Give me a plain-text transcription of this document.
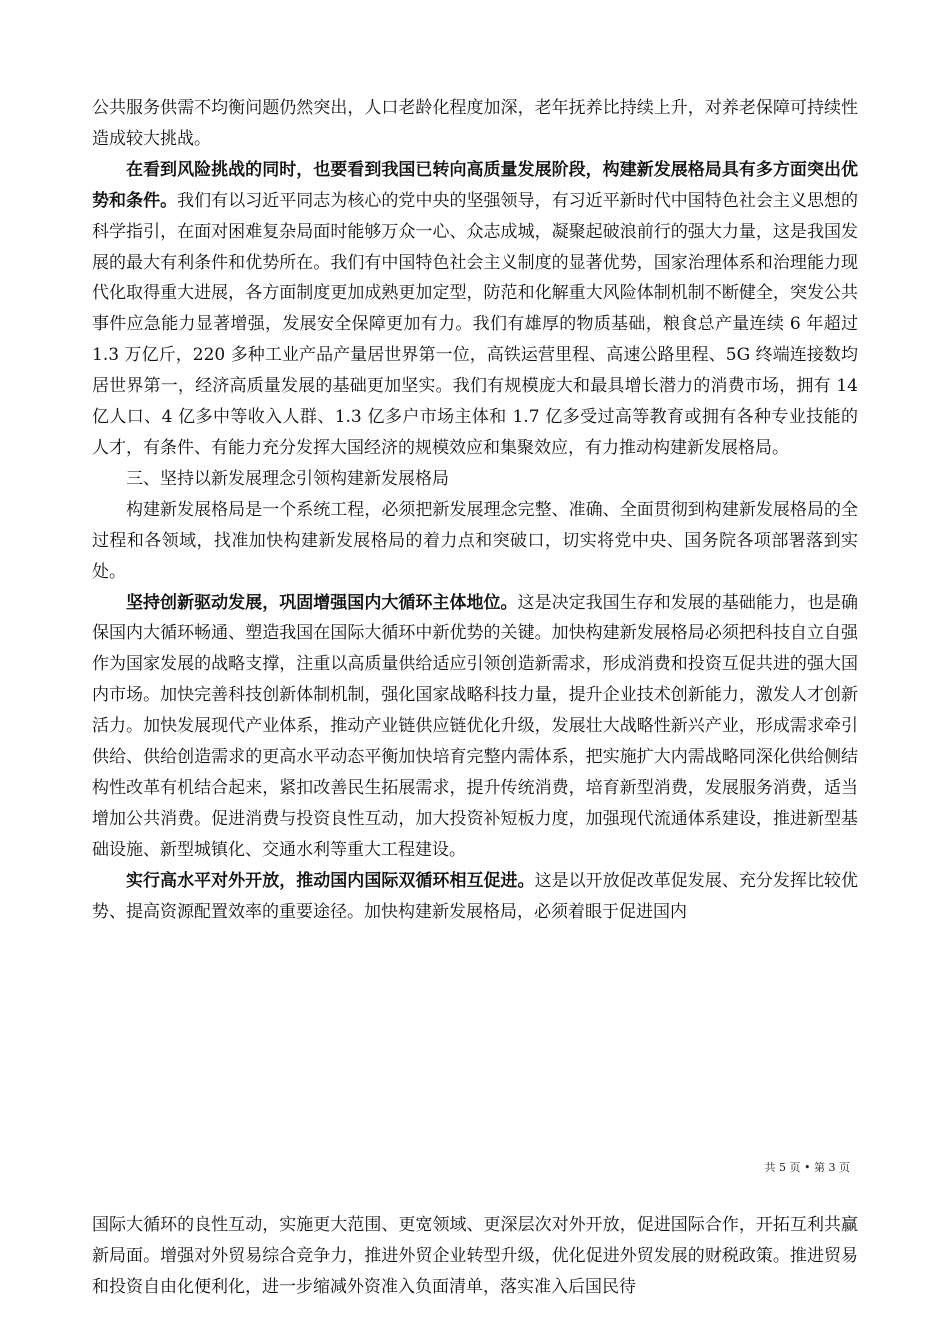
公共服务供需不均衡问题仍然突出，人口老龄化程度加深，老年抚养比持续上升，对养老保障可持续性造成较大挑战。

在看到风险挑战的同时，也要看到我国已转向高质量发展阶段，构建新发展格局具有多方面突出优势和条件。我们有以习近平同志为核心的党中央的坚强领导，有习近平新时代中国特色社会主义思想的科学指引，在面对困难复杂局面时能够万众一心、众志成城，凝聚起破浪前行的强大力量，这是我国发展的最大有利条件和优势所在。我们有中国特色社会主义制度的显著优势，国家治理体系和治理能力现代化取得重大进展，各方面制度更加成熟更加定型，防范和化解重大风险体制机制不断健全，突发公共事件应急能力显著增强，发展安全保障更加有力。我们有雄厚的物质基础，粮食总产量连续 6 年超过 1.3 万亿斤，220 多种工业产品产量居世界第一位，高铁运营里程、高速公路里程、5G 终端连接数均居世界第一，经济高质量发展的基础更加坚实。我们有规模庞大和最具增长潜力的消费市场，拥有 14 亿人口、4 亿多中等收入人群、1.3 亿多户市场主体和 1.7 亿多受过高等教育或拥有各种专业技能的人才，有条件、有能力充分发挥大国经济的规模效应和集聚效应，有力推动构建新发展格局。

三、坚持以新发展理念引领构建新发展格局

构建新发展格局是一个系统工程，必须把新发展理念完整、准确、全面贯彻到构建新发展格局的全过程和各领域，找准加快构建新发展格局的着力点和突破口，切实将党中央、国务院各项部署落到实处。

坚持创新驱动发展，巩固增强国内大循环主体地位。这是决定我国生存和发展的基础能力，也是确保国内大循环畅通、塑造我国在国际大循环中新优势的关键。加快构建新发展格局必须把科技自立自强作为国家发展的战略支撑，注重以高质量供给适应引领创造新需求，形成消费和投资互促共进的强大国内市场。加快完善科技创新体制机制，强化国家战略科技力量，提升企业技术创新能力，激发人才创新活力。加快发展现代产业体系，推动产业链供应链优化升级，发展壮大战略性新兴产业，形成需求牵引供给、供给创造需求的更高水平动态平衡加快培育完整内需体系，把实施扩大内需战略同深化供给侧结构性改革有机结合起来，紧扣改善民生拓展需求，提升传统消费，培育新型消费，发展服务消费，适当增加公共消费。促进消费与投资良性互动，加大投资补短板力度，加强现代流通体系建设，推进新型基础设施、新型城镇化、交通水利等重大工程建设。

实行高水平对外开放，推动国内国际双循环相互促进。这是以开放促改革促发展、充分发挥比较优势、提高资源配置效率的重要途径。加快构建新发展格局，必须着眼于促进国内

共 5 页 • 第 3 页

国际大循环的良性互动，实施更大范围、更宽领域、更深层次对外开放，促进国际合作，开拓互利共赢新局面。增强对外贸易综合竞争力，推进外贸企业转型升级，优化促进外贸发展的财税政策。推进贸易和投资自由化便利化，进一步缩减外资准入负面清单，落实准入后国民待
